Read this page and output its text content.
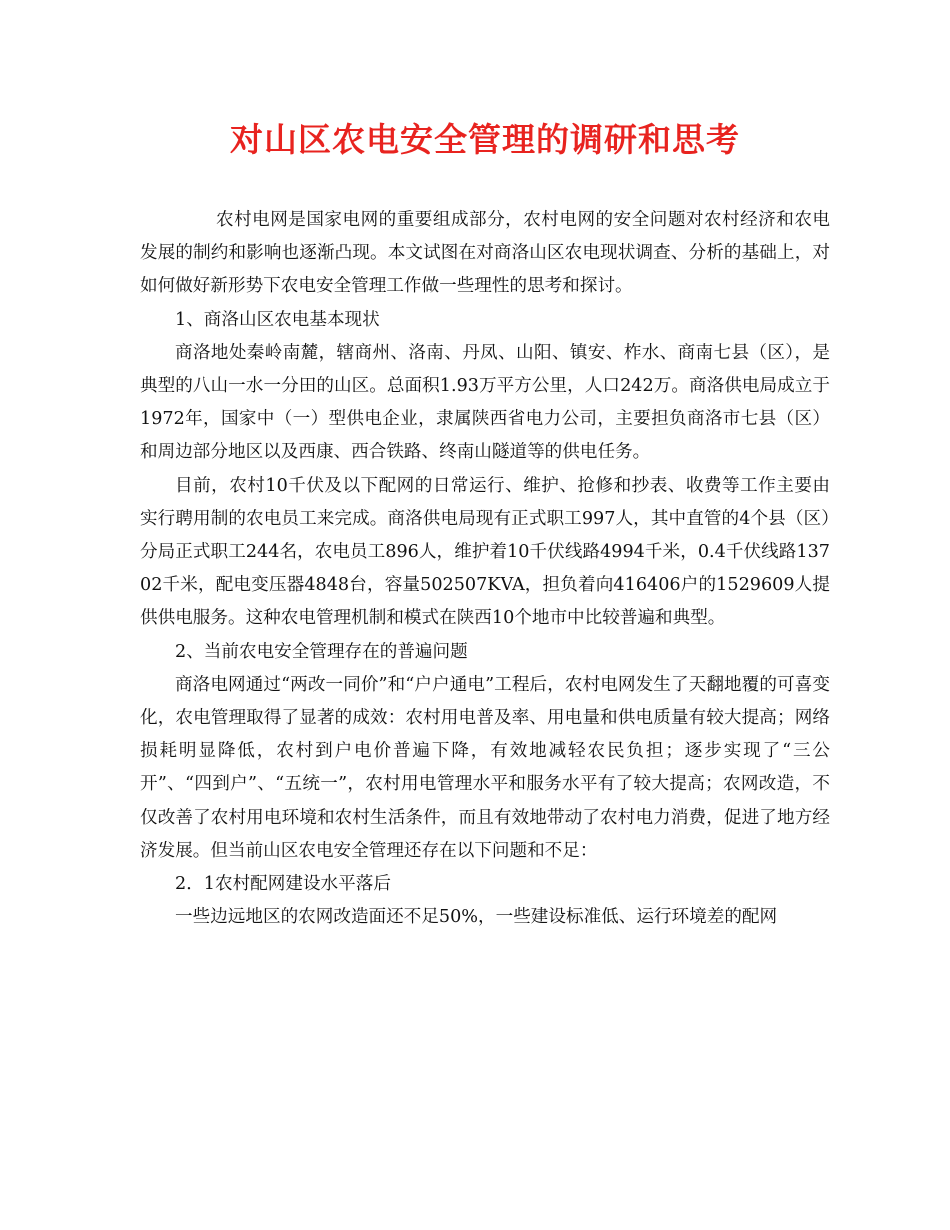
对山区农电安全管理的调研和思考

农村电网是国家电网的重要组成部分，农村电网的安全问题对农村经济和农电发展的制约和影响也逐渐凸现。本文试图在对商洛山区农电现状调查、分析的基础上，对如何做好新形势下农电安全管理工作做一些理性的思考和探讨。

1、商洛山区农电基本现状

商洛地处秦岭南麓，辖商州、洛南、丹凤、山阳、镇安、柞水、商南七县（区），是典型的八山一水一分田的山区。总面积1.93万平方公里，人口242万。商洛供电局成立于1972年，国家中（一）型供电企业，隶属陕西省电力公司，主要担负商洛市七县（区）和周边部分地区以及西康、西合铁路、终南山隧道等的供电任务。

目前，农村10千伏及以下配网的日常运行、维护、抢修和抄表、收费等工作主要由实行聘用制的农电员工来完成。商洛供电局现有正式职工997人，其中直管的4个县（区）分局正式职工244名，农电员工896人，维护着10千伏线路4994千米，0.4千伏线路13702千米，配电变压器4848台，容量502507KVA，担负着向416406户的1529609人提供供电服务。这种农电管理机制和模式在陕西10个地市中比较普遍和典型。

2、当前农电安全管理存在的普遍问题

商洛电网通过“两改一同价”和“户户通电”工程后，农村电网发生了天翻地覆的可喜变化，农电管理取得了显著的成效：农村用电普及率、用电量和供电质量有较大提高；网络损耗明显降低，农村到户电价普遍下降，有效地减轻农民负担；逐步实现了“三公开”、“四到户”、“五统一”，农村用电管理水平和服务水平有了较大提高；农网改造，不仅改善了农村用电环境和农村生活条件，而且有效地带动了农村电力消费，促进了地方经济发展。但当前山区农电安全管理还存在以下问题和不足：

2．1农村配网建设水平落后

一些边远地区的农网改造面还不足50%，一些建设标准低、运行环境差的配网
